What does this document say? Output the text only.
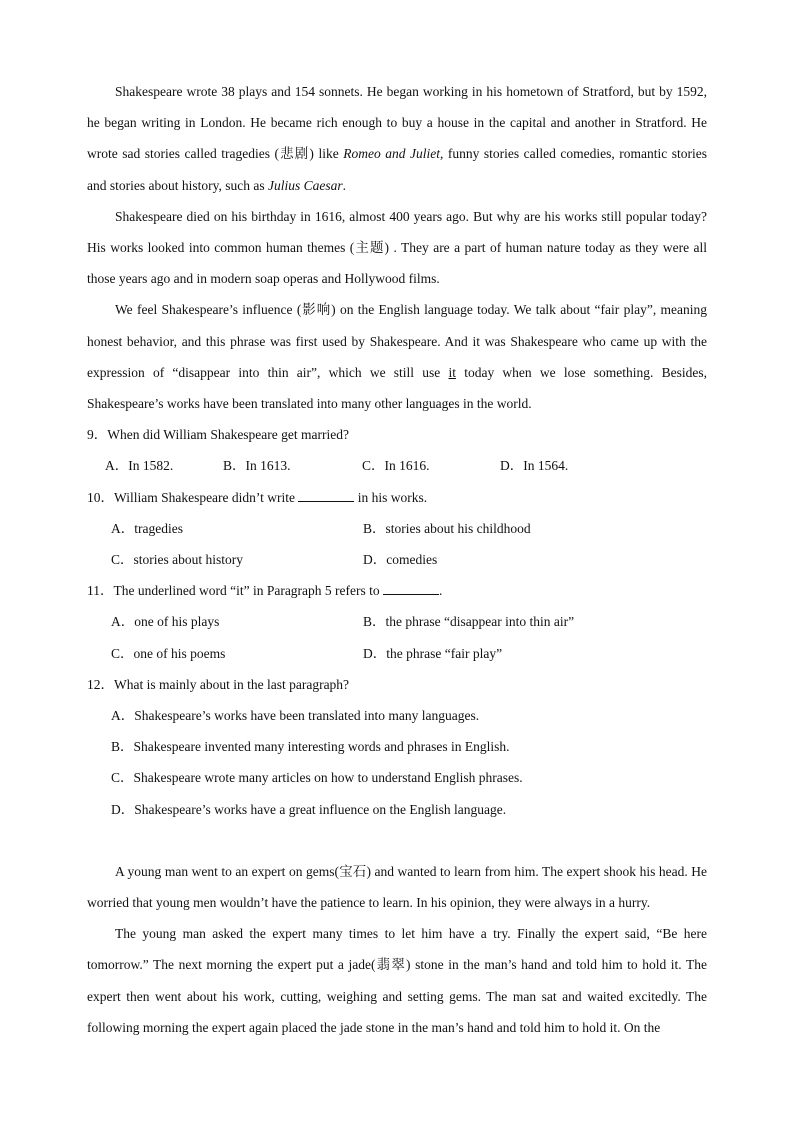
Shakespeare wrote 38 plays and 154 sonnets. He began working in his hometown of Stratford, but by 1592, he began writing in London. He became rich enough to buy a house in the capital and another in Stratford. He wrote sad stories called tragedies (悲剧) like Romeo and Juliet, funny stories called comedies, romantic stories and stories about history, such as Julius Caesar.

Shakespeare died on his birthday in 1616, almost 400 years ago. But why are his works still popular today? His works looked into common human themes (主题) . They are a part of human nature today as they were all those years ago and in modern soap operas and Hollywood films.

We feel Shakespeare’s influence (影响) on the English language today. We talk about “fair play”, meaning honest behavior, and this phrase was first used by Shakespeare. And it was Shakespeare who came up with the expression of “disappear into thin air”, which we still use it today when we lose something. Besides, Shakespeare’s works have been translated into many other languages in the world.

9．When did William Shakespeare get married?

A．In 1582.	B．In 1613.	C．In 1616.	D．In 1564.

10．William Shakespeare didn’t write	in his works.

A．tragedies	B．stories about his childhood
C．stories about history	D．comedies

11．The underlined word “it” in Paragraph 5 refers to	.

A．one of his plays	B．the phrase “disappear into thin air”
C．one of his poems	D．the phrase “fair play”

12．What is mainly about in the last paragraph?

A．Shakespeare’s works have been translated into many languages.
B．Shakespeare invented many interesting words and phrases in English.
C．Shakespeare wrote many articles on how to understand English phrases.
D．Shakespeare’s works have a great influence on the English language.

A young man went to an expert on gems(宝石) and wanted to learn from him. The expert shook his head. He worried that young men wouldn’t have the patience to learn. In his opinion, they were always in a hurry.

The young man asked the expert many times to let him have a try. Finally the expert said, “Be here tomorrow.” The next morning the expert put a jade(翡翠) stone in the man’s hand and told him to hold it. The expert then went about his work, cutting, weighing and setting gems. The man sat and waited excitedly. The following morning the expert again placed the jade stone in the man’s hand and told him to hold it. On the
